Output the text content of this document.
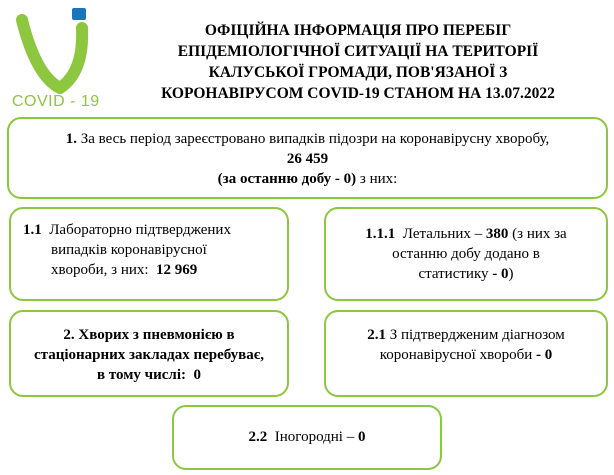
COVID - 19
ОФІЦІЙНА ІНФОРМАЦІЯ ПРО ПЕРЕБІГ
ЕПІДЕМІОЛОГІЧНОЇ СИТУАЦІЇ НА ТЕРИТОРІЇ
КАЛУСЬКОЇ ГРОМАДИ, ПОВ'ЯЗАНОЇ З
КОРОНАВІРУСОМ COVID-19 СТАНОМ НА 13.07.2022
1. За весь період зареєстровано випадків підозри на коронавірусну хворобу,
26 459
(за останню добу - 0) з них:
1.1 Лабораторно підтверджених
випадків коронавірусної
хвороби, з них: 12 969
1.1.1 Летальних – 380 (з них за
останню добу додано в
статистику - 0)
2. Хворих з пневмонією в
стаціонарних закладах перебуває,
в тому числі: 0
2.1 З підтвердженим діагнозом
коронавірусної хвороби - 0
2.2  Іногородні – 0
